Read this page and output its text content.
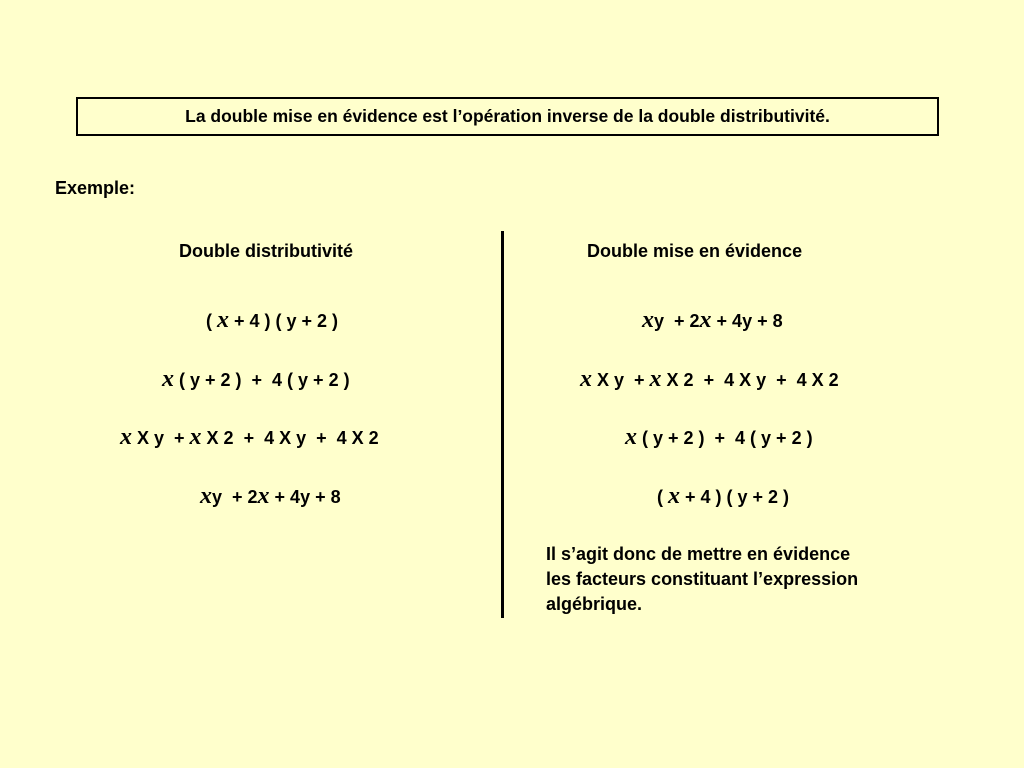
La double mise en évidence est l’opération inverse de la double distributivité.
Exemple:
Double distributivité	Double mise en évidence
( x + 4 ) ( y + 2 )
x ( y + 2 )  +  4 ( y + 2 )
x X y  + x X 2  +  4 X y  +  4 X 2
xy  + 2x + 4y + 8
xy  + 2x + 4y + 8
x X y  + x X 2  +  4 X y  +  4 X 2
x ( y + 2 )  +  4 ( y + 2 )
( x + 4 ) ( y + 2 )
Il s’agit donc de mettre en évidence
les facteurs constituant l’expression
algébrique.
